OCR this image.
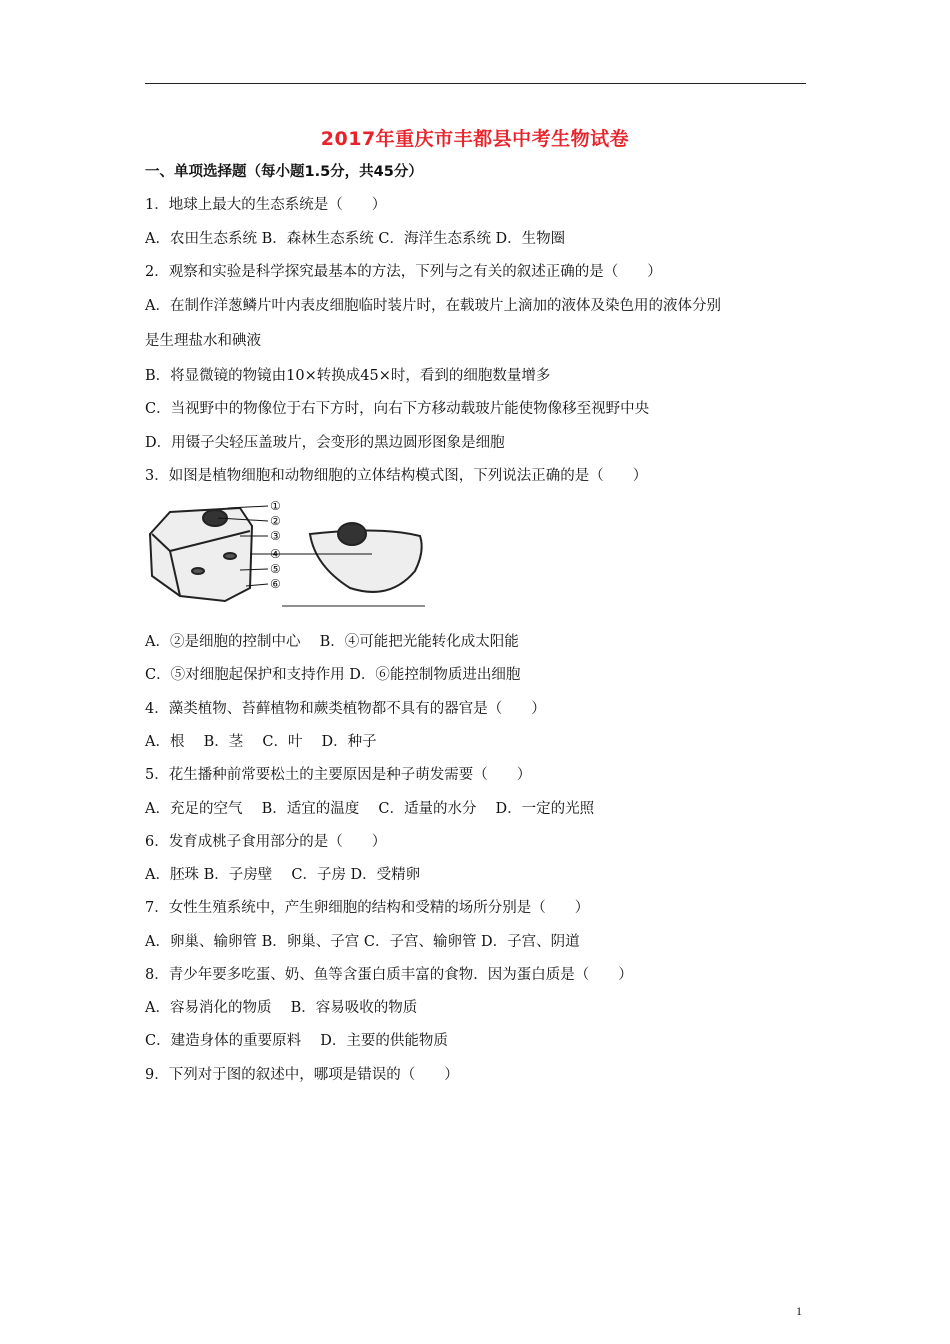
2017年重庆市丰都县中考生物试卷
一、单项选择题（每小题1.5分，共45分）
1．地球上最大的生态系统是（　　）
A．农田生态系统 B．森林生态系统 C．海洋生态系统 D．生物圈
2．观察和实验是科学探究最基本的方法，下列与之有关的叙述正确的是（　　）
A．在制作洋葱鳞片叶内表皮细胞临时装片时，在载玻片上滴加的液体及染色用的液体分别
是生理盐水和碘液
B．将显微镜的物镜由10×转换成45×时，看到的细胞数量增多
C．当视野中的物像位于右下方时，向右下方移动载玻片能使物像移至视野中央
D．用镊子尖轻压盖玻片，会变形的黑边圆形图象是细胞
3．如图是植物细胞和动物细胞的立体结构模式图，下列说法正确的是（　　）
①
②
③
④
⑤
⑥
A．②是细胞的控制中心　 B．④可能把光能转化成太阳能
C．⑤对细胞起保护和支持作用 D．⑥能控制物质进出细胞
4．藻类植物、苔藓植物和蕨类植物都不具有的器官是（　　）
A．根　 B．茎　 C．叶　 D．种子
5．花生播种前常要松土的主要原因是种子萌发需要（　　）
A．充足的空气　 B．适宜的温度　 C．适量的水分　 D．一定的光照
6．发育成桃子食用部分的是（　　）
A．胚珠 B．子房壁　 C．子房 D．受精卵
7．女性生殖系统中，产生卵细胞的结构和受精的场所分别是（　　）
A．卵巢、输卵管 B．卵巢、子宫 C．子宫、输卵管 D．子宫、阴道
8．青少年要多吃蛋、奶、鱼等含蛋白质丰富的食物．因为蛋白质是（　　）
A．容易消化的物质　 B．容易吸收的物质
C．建造身体的重要原料　 D．主要的供能物质
9．下列对于图的叙述中，哪项是错误的（　　）
1
